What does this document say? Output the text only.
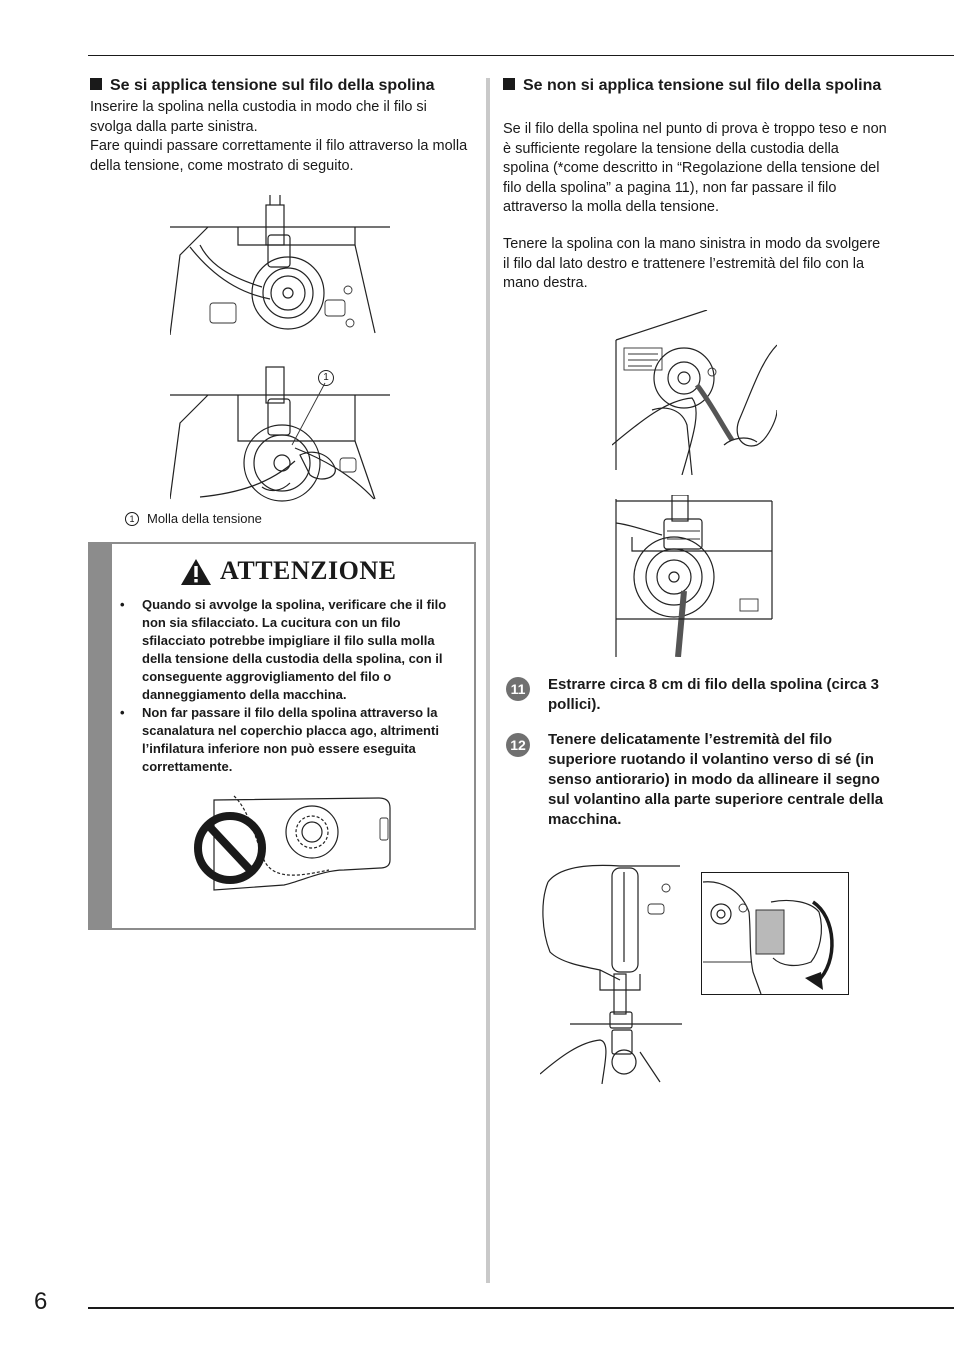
Se si applica tensione sul filo della spolina
Inserire la spolina nella custodia in modo che il filo si svolga dalla parte sinistra.
Fare quindi passare correttamente il filo attraverso la molla della tensione, come mostrato di seguito.
1
1 Molla della tensione
ATTENZIONE
• Quando si avvolge la spolina, verificare che il filo non sia sfilacciato. La cucitura con un filo sfilacciato potrebbe impigliare il filo sulla molla della tensione della custodia della spolina, con il conseguente aggrovigliamento del filo o danneggiamento della macchina.
• Non far passare il filo della spolina attraverso la scanalatura nel coperchio placca ago, altrimenti l’infilatura inferiore non può essere eseguita correttamente.
Se non si applica tensione sul filo della spolina
Se il filo della spolina nel punto di prova è troppo teso e non è sufficiente regolare la tensione della custodia della spolina (*come descritto in “Regolazione della tensione del filo della spolina” a pagina 11), non far passare il filo attraverso la molla della tensione.
Tenere la spolina con la mano sinistra in modo da svolgere il filo dal lato destro e trattenere l’estremità del filo con la mano destra.
11	Estrarre circa 8 cm di filo della spolina (circa 3 pollici).
12 Tenere delicatamente l’estremità del filo superiore ruotando il volantino verso di sé (in senso antiorario) in modo da allineare il segno sul volantino alla parte superiore centrale della macchina.
6
